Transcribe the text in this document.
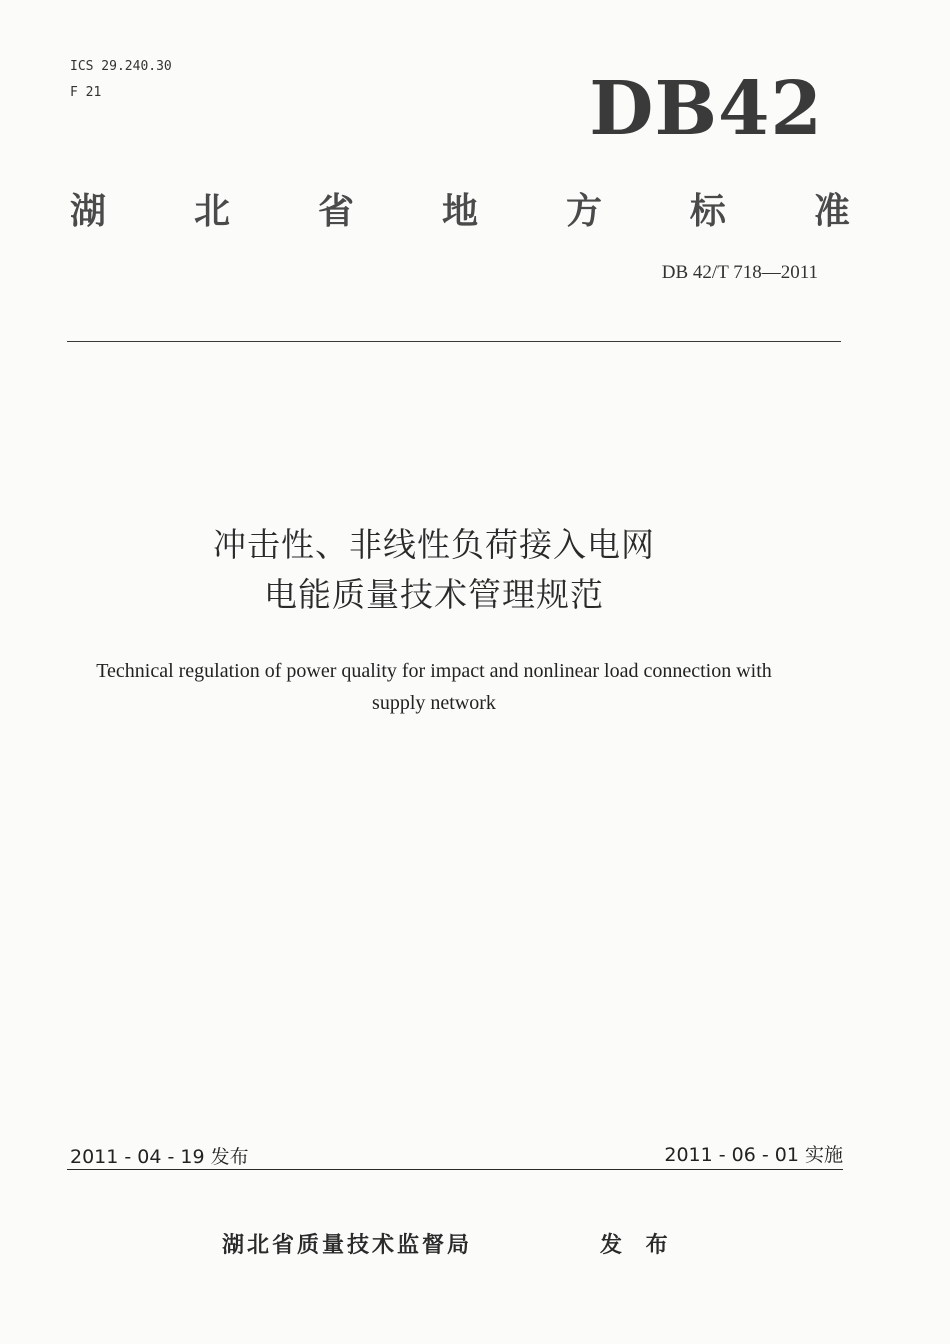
ICS 29.240.30
F 21	DB42
湖 北 省 地 方 标 准
DB 42/T 718—2011
冲击性、非线性负荷接入电网
电能质量技术管理规范
Technical regulation of power quality for impact and nonlinear load connection with
supply network
2011 - 04 - 19 发布	2011 - 06 - 01 实施
湖北省质量技术监督局	发 布
